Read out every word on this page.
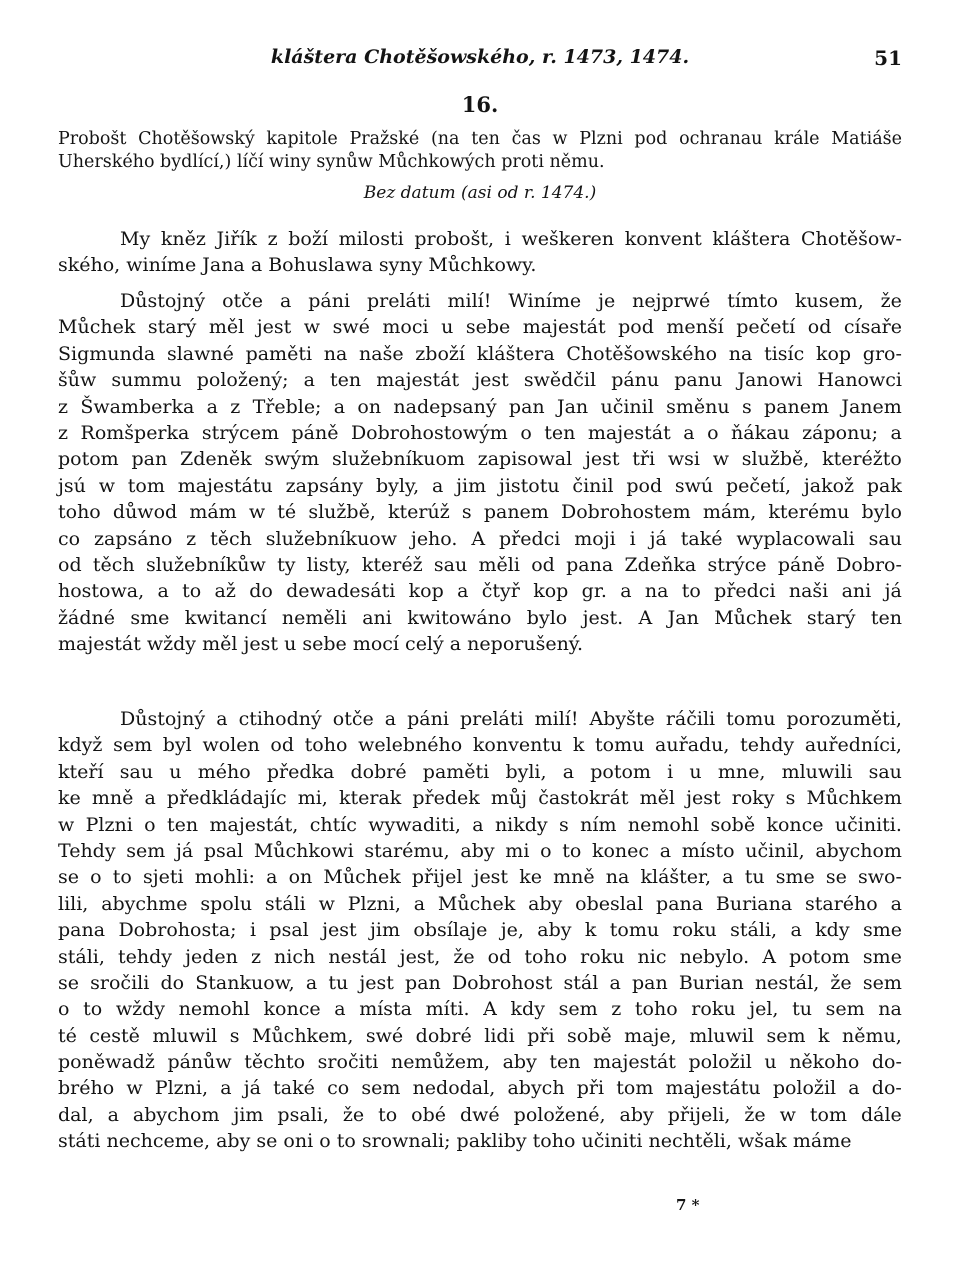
kláštera Chotěšowského, r. 1473, 1474.	51
16.
Probošt Chotěšowský kapitole Pražské (na ten čas w Plzni pod ochranau krále Matiáše Uherského bydlící,) líčí winy synůw Můchkowých proti němu.
Bez datum (asi od r. 1474.)
My kněz Jiřík z boží milosti probošt, i weškeren konvent kláštera Chotěšow-
ského,
winíme
Jana
a
Bohuslawa
syny
Můchkowy.
Důstojný otče a páni preláti milí! Winíme je nejprwé tímto kusem, že
Můchek starý měl jest w swé moci u sebe majestát pod menší pečetí od císaře
Sigmunda slawné paměti na naše zboží kláštera Chotěšowského na tisíc kop gro-
šůw summu položený; a ten majestát jest swědčil pánu panu Janowi Hanowci
z Šwamberka a z Třeble; a on nadepsaný pan Jan učinil směnu s panem Janem
z Romšperka strýcem páně Dobrohostowým o ten majestát a o ňákau záponu; a
potom pan Zdeněk swým služebníkuom zapisowal jest tři wsi w službě, kteréžto
jsú w tom majestátu zapsány byly, a jim jistotu činil pod swú pečetí, jakož pak
toho důwod mám w té službě, kterúž s panem Dobrohostem mám, kterému bylo
co zapsáno z těch služebníkuow jeho. A předci moji i já také wyplacowali sau
od těch služebníkůw ty listy, kteréž sau měli od pana Zdeňka strýce páně Dobro-
hostowa, a to až do dewadesáti kop a čtyř kop gr. a na to předci naši ani já
žádné sme kwitancí neměli ani kwitowáno bylo jest. A Jan Můchek starý ten
majestát
wždy
měl
jest
u
sebe
mocí
celý
a
neporušený.
Důstojný a ctihodný otče a páni preláti milí! Abyšte ráčili tomu porozuměti,
když sem byl wolen od toho welebného konventu k tomu auřadu, tehdy auředníci,
kteří sau u mého předka dobré paměti byli, a potom i u mne, mluwili sau
ke mně a předkládajíc mi, kterak předek můj častokrát měl jest roky s Můchkem
w Plzni o ten majestát, chtíc wywaditi, a nikdy s ním nemohl sobě konce učiniti.
Tehdy sem já psal Můchkowi starému, aby mi o to konec a místo učinil, abychom
se o to sjeti mohli: a on Můchek přijel jest ke mně na klášter, a tu sme se swo-
lili, abychme spolu stáli w Plzni, a Můchek aby obeslal pana Buriana starého a
pana Dobrohosta; i psal jest jim obsílaje je, aby k tomu roku stáli, a kdy sme
stáli, tehdy jeden z nich nestál jest, že od toho roku nic nebylo. A potom sme
se sročili do Stankuow, a tu jest pan Dobrohost stál a pan Burian nestál, že sem
o to wždy nemohl konce a místa míti. A kdy sem z toho roku jel, tu sem na
té cestě mluwil s Můchkem, swé dobré lidi při sobě maje, mluwil sem k němu,
poněwadž pánůw těchto sročiti nemůžem, aby ten majestát položil u někoho do-
brého w Plzni, a já také co sem nedodal, abych při tom majestátu položil a do-
dal, a abychom jim psali, že to obé dwé položené, aby přijeli, že w tom dále
státi
nechceme,
aby
se
oni
o
to
srownali;
pakliby
toho
učiniti
nechtěli,
wšak
máme
7 *
